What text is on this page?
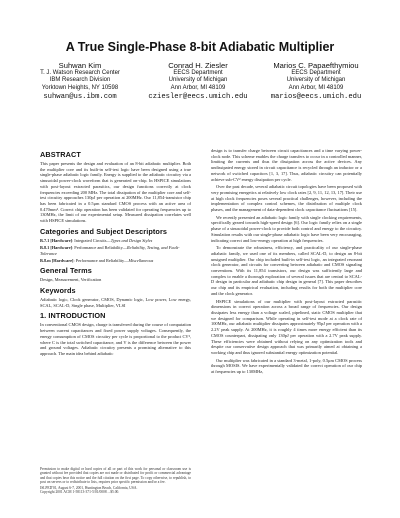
A True Single-Phase 8-bit Adiabatic Multiplier
Suhwan Kim
T. J. Watson Research Center
IBM Research Division
Yorktown Heights, NY 10598
suhwan@us.ibm.com
Conrad H. Ziesler
EECS Department
University of Michigan
Ann Arbor, MI 48109
cziesler@eecs.umich.edu
Marios C. Papaefthymiou
EECS Department
University of Michigan
Ann Arbor, MI 48109
marios@eecs.umich.edu
ABSTRACT

This paper presents the design and evaluation of an 8-bit adiabatic multiplier. Both the multiplier core and its built-in self-test logic have been designed using a true single-phase adiabatic logic family. Energy is supplied to the adiabatic circuitry via a sinusoidal power-clock waveform that is generated on-chip. In HSPICE simulations with post-layout extracted parasitics, our design functions correctly at clock frequencies exceeding 200 MHz. The total dissipation of the multiplier core and self-test circuitry approaches 130pJ per operation at 200MHz. Our 11,854-transistor chip has been fabricated in a 0.5μm standard CMOS process with an active area of 0.470mm². Correct chip operation has been validated for operating frequencies up to 130MHz, the limit of our experimental setup. Measured dissipation correlates well with HSPICE simulations.

Categories and Subject Descriptors

B.7.1 [Hardware]: Integrated Circuits—Types and Design Styles

B.8.1 [Hardware]: Performance and Reliability—Reliability, Testing, and Fault-Tolerance

B.8.m [Hardware]: Performance and Reliability—Miscellaneous

General Terms

Design, Measurement, Verification

Keywords

Adiabatic logic, Clock generator, CMOS, Dynamic logic, Low power, Low energy, SCAL, SCAL-D, Single phase, Multiplier, VLSI

1. INTRODUCTION

In conventional CMOS design, charge is transferred during the course of computation between current capacitances and fixed power supply voltages. Consequently, the energy consumption of CMOS circuitry per cycle is proportional to the product CV², where C is the total switched capacitance, and V is the difference between the power and ground voltages. Adiabatic circuitry presents a promising alternative to this approach. The main idea behind adiabatic

Permission to make digital or hard copies of all or part of this work for personal or classroom use is granted without fee provided that copies are not made or distributed for profit or commercial advantage and that copies bear this notice and the full citation on the first page. To copy otherwise, to republish, to post on servers or to redistribute to lists, requires prior specific permission and/or a fee.
ISLPED'01, August 6-7, 2001, Huntington Beach, California, USA.
Copyright 2001 ACM 1-58113-371-5/01/0008 ...$5.00.

design is to transfer charge between circuit capacitances and a time varying power-clock node. This scheme enables the charge transfers to occur in a controlled manner, limiting the currents and thus the dissipation across the active devices. Any undissipated energy stored in circuit capacitance is recycled through an inductor or a network of switched capacitors [1, 3, 17]. Thus, adiabatic circuitry can potentially achieve sub-CV² energy dissipation per cycle.

Over the past decade, several adiabatic circuit topologies have been proposed with very promising energetics at relatively low clock rates [2, 9, 11, 12, 13, 17]. Their use at high clock frequencies poses several practical challenges, however, including the implementation of complex control schemes, the distribution of multiple clock phases, and the management of data-dependent clock capacitance fluctuations [15].

We recently presented an adiabatic logic family with single clocking requirements, specifically geared towards high-speed design [6]. Our logic family relies on a single phase of a sinusoidal power-clock to provide both control and energy to the circuitry. Simulation results with our single-phase adiabatic logic have been very encouraging, indicating correct and low-energy operation at high frequencies.

To demonstrate the robustness, efficiency, and practicality of our single-phase adiabatic family, we used one of its members, called SCAL-D, to design an 8-bit unsigned multiplier. Our chip included built-in self-test logic, an integrated resonant clock generator, and circuits for converting between adiabatic and CMOS signaling conventions. With its 11,854 transistors, our design was sufficiently large and complex to enable a thorough exploration of several issues that are central to SCAL-D design in particular and adiabatic chip design in general [7]. This paper describes our chip and its empirical evaluation, including results for both the multiplier core and the clock generator.

HSPICE simulations of our multiplier with post-layout extracted parasitic dimensions in correct operation across a broad range of frequencies. Our design dissipates less energy than a voltage scaled, pipelined, static CMOS multiplier that we designed for comparison. While operating in self-test mode at a clock rate of 100MHz, our adiabatic multiplier dissipates approximately 95pJ per operation with a 2.2V peak supply. At 200MHz, it is roughly 4 times more energy efficient than its CMOS counterpart, dissipating only 130pJ per operation with a 2.7V peak supply. These efficiencies were obtained without relying on any optimization tools and despite our conservative design approach that was primarily aimed at obtaining a working chip and thus ignored substantial energy optimization potential.

Our multiplier was fabricated in a standard 3-metal, 1-poly, 0.5μm CMOS process through MOSIS. We have experimentally validated the correct operation of our chip at frequencies up to 130MHz,
